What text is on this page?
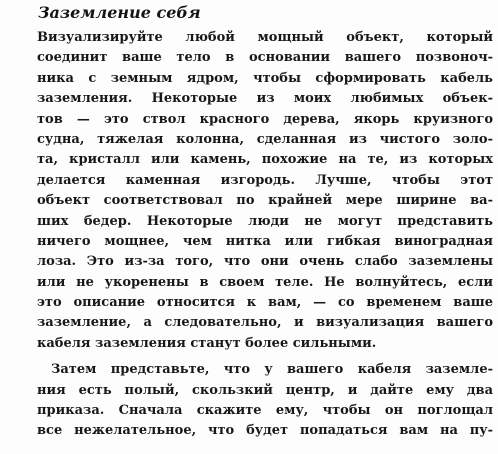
Заземление себя
Визуализируйте любой мощный объект, который
соединит ваше тело в основании вашего позвоноч-
ника с земным ядром, чтобы сформировать кабель
заземления. Некоторые из моих любимых объек-
тов — это ствол красного дерева, якорь круизного
судна, тяжелая колонна, сделанная из чистого золо-
та, кристалл или камень, похожие на те, из которых
делается каменная изгородь. Лучше, чтобы этот
объект соответствовал по крайней мере ширине ва-
ших бедер. Некоторые люди не могут представить
ничего мощнее, чем нитка или гибкая виноградная
лоза. Это из-за того, что они очень слабо заземлены
или не укоренены в своем теле. Не волнуйтесь, если
это описание относится к вам, — со временем ваше
заземление, а следовательно, и визуализация вашего
кабеля заземления станут более сильными.
Затем представьте, что у вашего кабеля заземле-
ния есть полый, скользкий центр, и дайте ему два
приказа. Сначала скажите ему, чтобы он поглощал
все нежелательное, что будет попадаться вам на пу-
